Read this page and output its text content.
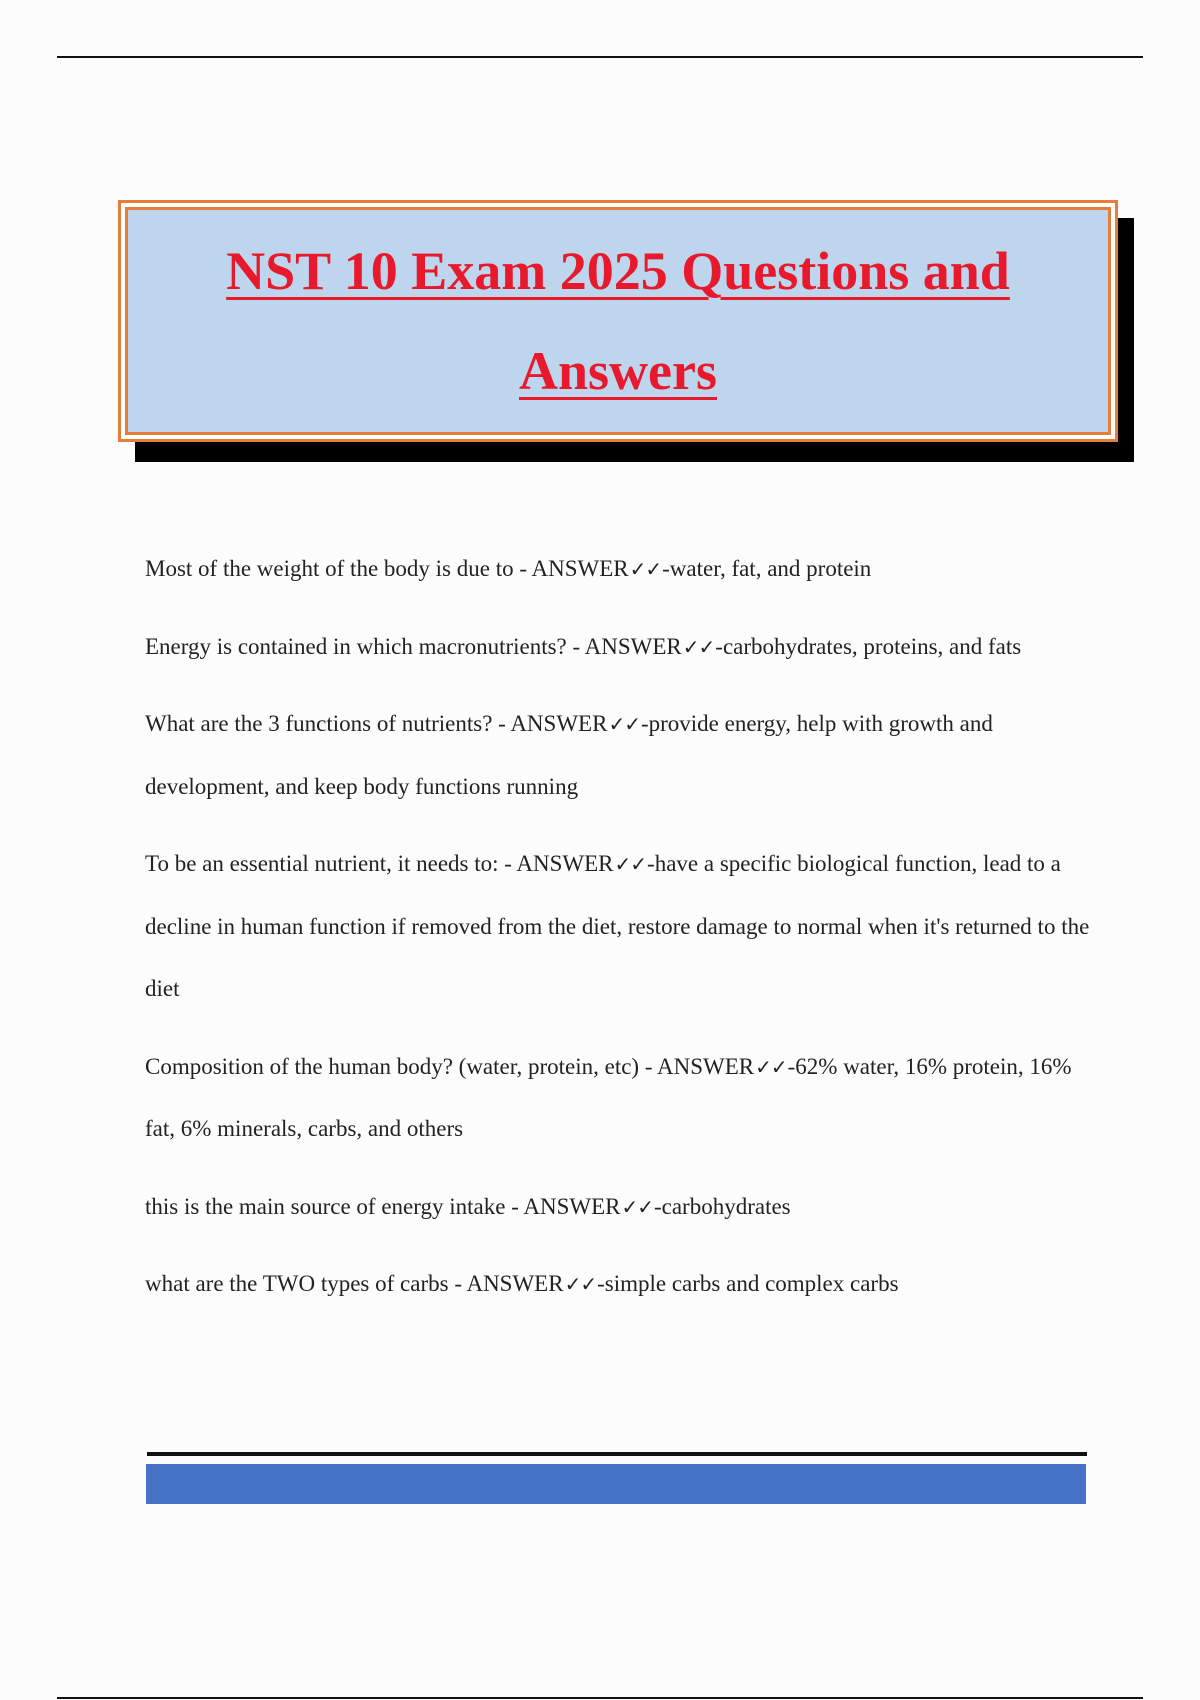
NST 10 Exam 2025 Questions and
Answers

Most of the weight of the body is due to - ANSWER✓✓-water, fat, and protein

Energy is contained in which macronutrients? - ANSWER✓✓-carbohydrates, proteins, and fats

What are the 3 functions of nutrients? - ANSWER✓✓-provide energy, help with growth and development, and keep body functions running

To be an essential nutrient, it needs to: - ANSWER✓✓-have a specific biological function, lead to a decline in human function if removed from the diet, restore damage to normal when it's returned to the diet

Composition of the human body? (water, protein, etc) - ANSWER✓✓-62% water, 16% protein, 16% fat, 6% minerals, carbs, and others

this is the main source of energy intake - ANSWER✓✓-carbohydrates

what are the TWO types of carbs - ANSWER✓✓-simple carbs and complex carbs
